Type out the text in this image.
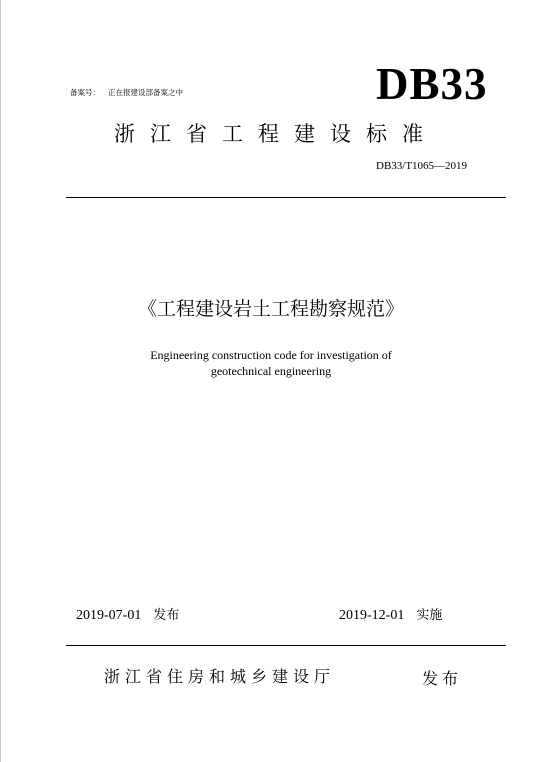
备案号： 正在报建设部备案之中	DB33
浙江省工程建设标准
DB33/T1065—2019
《工程建设岩土工程勘察规范》
Engineering construction code for investigation of
geotechnical engineering
2019-07-01 发布	2019-12-01 实施
浙江省住房和城乡建设厅	发布
